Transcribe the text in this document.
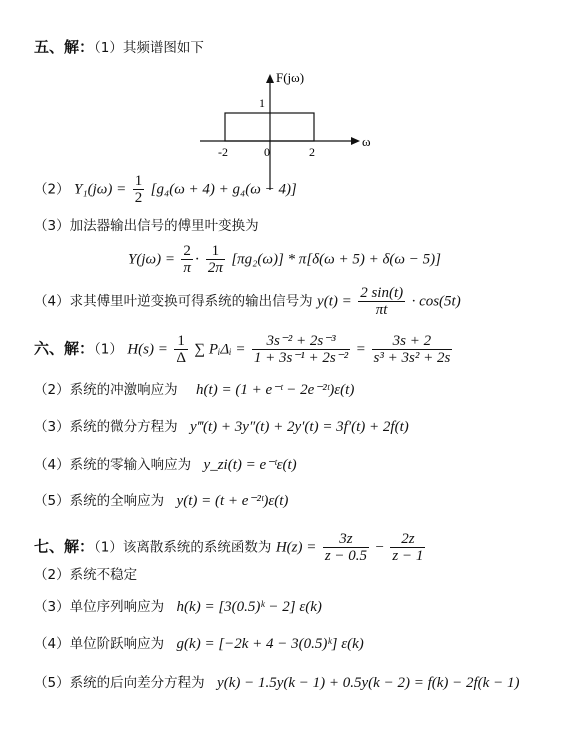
五、解：（1）其频谱图如下
F(jω)
ω
1
-2	0	2
（2） $Y_1(j\omega) = \frac{1}{2} [g_4(\omega + 4) + g_4(\omega - 4)]$
（3）加法器输出信号的傅里叶变换为
$Y(j\omega) = \frac{2}{\pi} \cdot \frac{1}{2\pi} [\pi g_2(\omega)] * \pi[\delta(\omega + 5) + \delta(\omega - 5)]$
（4）求其傅里叶逆变换可得系统的输出信号为 $y(t) = \frac{2 \sin(t)}{\pi t} \cdot \cos(5t)$
六、解：（1） $H(s) = \frac{1}{\Delta}$ ∑ PᵢΔᵢ = $\frac{\text{3s⁻² + 2s⁻³}}{\text{1 + 3s⁻¹ + 2s⁻²}} = \frac{3s + 2}{\text{s³ + 3s² + 2s}}$
（2）系统的冲激响应为 h(t) = (1 + e⁻ᵗ − 2e⁻²ᵗ)ε(t)
（3）系统的微分方程为 y‴(t) + 3y″(t) + 2y′(t) = 3f′(t) + 2f(t)
（4）系统的零输入响应为 y_zi(t) = e⁻ᵗε(t)
（5）系统的全响应为 y(t) = (t + e⁻²ᵗ)ε(t)
七、解：（1）该离散系统的系统函数为 $H(z) = \frac{3z}{z - 0.5} - \frac{2z}{z - 1}$
（2）系统不稳定
（3）单位序列响应为 h(k) = [3(0.5)ᵏ − 2] ε(k)
（4）单位阶跃响应为 g(k) = [−2k + 4 − 3(0.5)ᵏ] ε(k)
（5）系统的后向差分方程为 y(k) − 1.5y(k − 1) + 0.5y(k − 2) = f(k) − 2f(k − 1)
